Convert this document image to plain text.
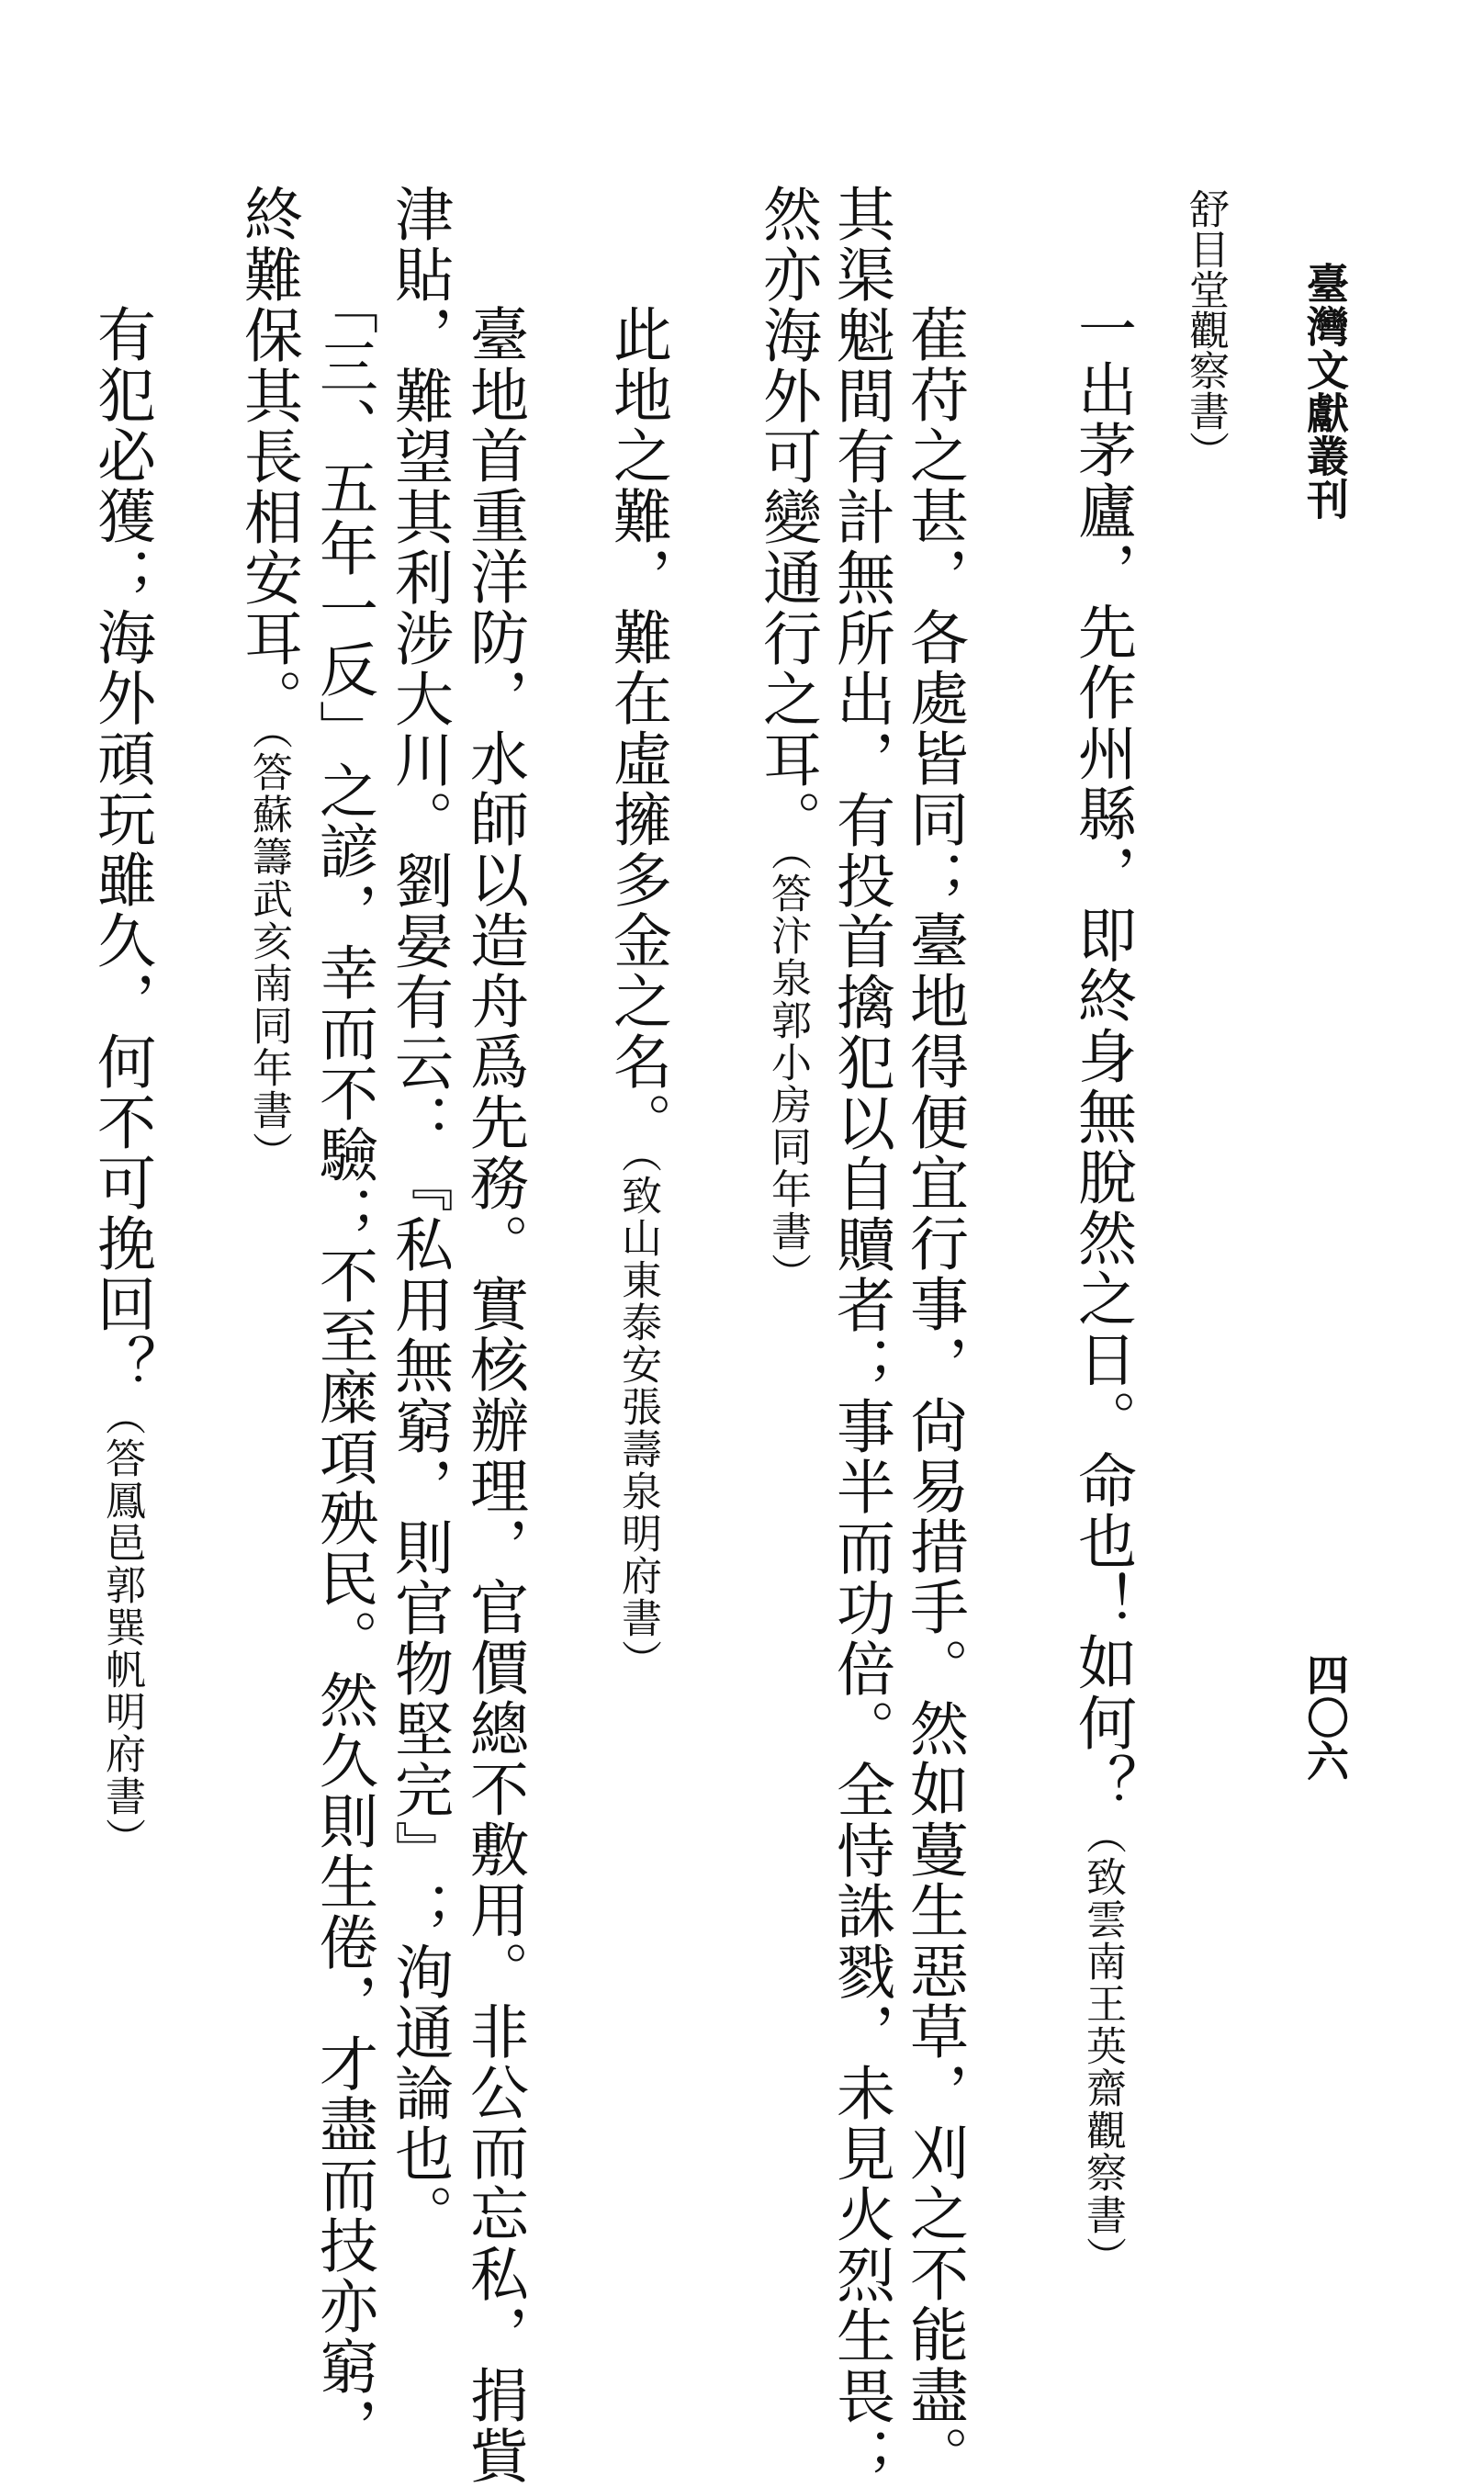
臺灣文獻叢刊
四〇六
舒目堂觀察書）
一出茅廬，先作州縣，即終身無脫然之日。命也！如何？（致雲南王英齋觀察書）
　萑苻之甚，各處皆同；臺地得便宜行事，尙易措手。然如蔓生惡草，刈之不能盡。
其渠魁間有計無所出，有投首擒犯以自贖者；事半而功倍。全恃誅戮，未見火烈生畏；
然亦海外可變通行之耳。（答汴泉郭小房同年書）
　此地之難，難在虛擁多金之名。（致山東泰安張壽泉明府書）
　臺地首重洋防，水師以造舟爲先務。實核辦理，官價總不敷用。非公而忘私，捐貲
津貼，難望其利涉大川。劉晏有云：『私用無窮，則官物堅完』；洵通論也。
「三、五年一反」之諺，幸而不驗；不至糜項殃民。然久則生倦，才盡而技亦窮，
終難保其長相安耳。（答蘇籌武亥南同年書）
　有犯必獲；海外頑玩雖久，何不可挽回？（答鳳邑郭巽帆明府書）
